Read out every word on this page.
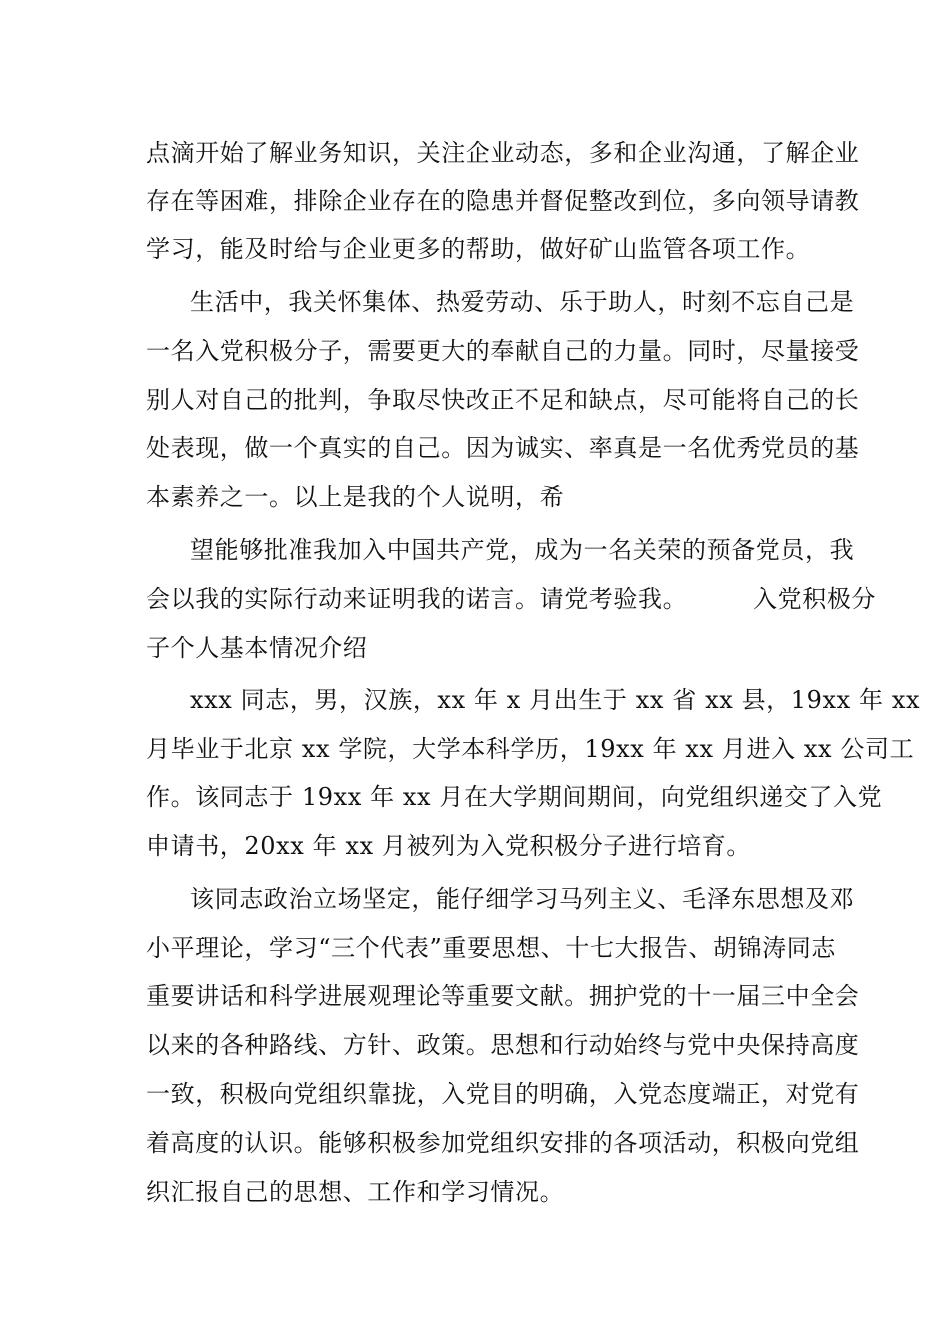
点滴开始了解业务知识，关注企业动态，多和企业沟通，了解企业
存在等困难，排除企业存在的隐患并督促整改到位，多向领导请教
学习，能及时给与企业更多的帮助，做好矿山监管各项工作。
生活中，我关怀集体、热爱劳动、乐于助人，时刻不忘自己是
一名入党积极分子，需要更大的奉献自己的力量。同时，尽量接受
别人对自己的批判，争取尽快改正不足和缺点，尽可能将自己的长
处表现，做一个真实的自己。因为诚实、率真是一名优秀党员的基
本素养之一。以上是我的个人说明，希
望能够批准我加入中国共产党，成为一名关荣的预备党员，我
会以我的实际行动来证明我的诺言。请党考验我。        入党积极分
子个人基本情况介绍
xxx 同志，男，汉族，xx 年 x 月出生于 xx 省 xx 县，19xx 年 xx
月毕业于北京 xx 学院，大学本科学历，19xx 年 xx 月进入 xx 公司工
作。该同志于 19xx 年 xx 月在大学期间期间，向党组织递交了入党
申请书，20xx 年 xx 月被列为入党积极分子进行培育。
该同志政治立场坚定，能仔细学习马列主义、毛泽东思想及邓
小平理论，学习“三个代表”重要思想、十七大报告、胡锦涛同志
重要讲话和科学进展观理论等重要文献。拥护党的十一届三中全会
以来的各种路线、方针、政策。思想和行动始终与党中央保持高度
一致，积极向党组织靠拢，入党目的明确，入党态度端正，对党有
着高度的认识。能够积极参加党组织安排的各项活动，积极向党组
织汇报自己的思想、工作和学习情况。
